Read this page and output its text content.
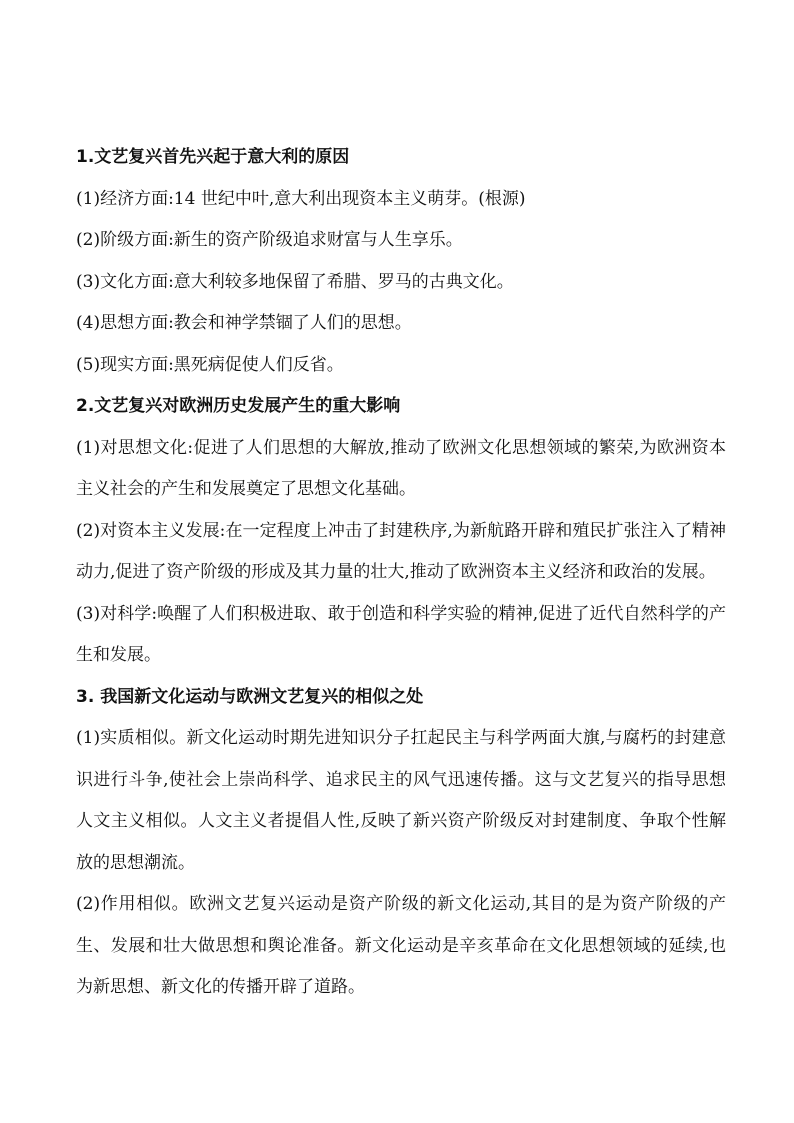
1.文艺复兴首先兴起于意大利的原因

(1)经济方面:14 世纪中叶,意大利出现资本主义萌芽。(根源)

(2)阶级方面:新生的资产阶级追求财富与人生享乐。

(3)文化方面:意大利较多地保留了希腊、罗马的古典文化。

(4)思想方面:教会和神学禁锢了人们的思想。

(5)现实方面:黑死病促使人们反省。

2.文艺复兴对欧洲历史发展产生的重大影响

(1)对思想文化:促进了人们思想的大解放,推动了欧洲文化思想领域的繁荣,为欧洲资本主义社会的产生和发展奠定了思想文化基础。

(2)对资本主义发展:在一定程度上冲击了封建秩序,为新航路开辟和殖民扩张注入了精神动力,促进了资产阶级的形成及其力量的壮大,推动了欧洲资本主义经济和政治的发展。

(3)对科学:唤醒了人们积极进取、敢于创造和科学实验的精神,促进了近代自然科学的产生和发展。

3. 我国新文化运动与欧洲文艺复兴的相似之处

(1)实质相似。新文化运动时期先进知识分子扛起民主与科学两面大旗,与腐朽的封建意识进行斗争,使社会上崇尚科学、追求民主的风气迅速传播。这与文艺复兴的指导思想人文主义相似。人文主义者提倡人性,反映了新兴资产阶级反对封建制度、争取个性解放的思想潮流。

(2)作用相似。欧洲文艺复兴运动是资产阶级的新文化运动,其目的是为资产阶级的产生、发展和壮大做思想和舆论准备。新文化运动是辛亥革命在文化思想领域的延续,也为新思想、新文化的传播开辟了道路。
